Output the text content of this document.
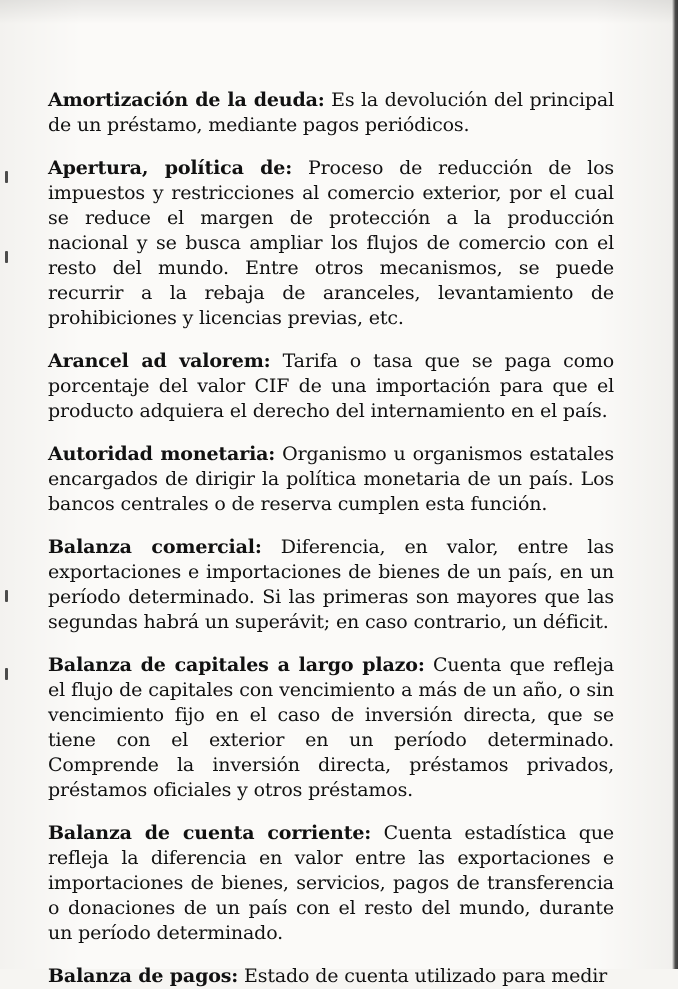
Amortización de la deuda: Es la devolución del principal de un préstamo, mediante pagos periódicos.

Apertura, política de: Proceso de reducción de los impuestos y restricciones al comercio exterior, por el cual se reduce el margen de protección a la producción nacional y se busca ampliar los flujos de comercio con el resto del mundo. Entre otros mecanismos, se puede recurrir a la rebaja de aranceles, levantamiento de prohibiciones y licencias previas, etc.

Arancel ad valorem: Tarifa o tasa que se paga como porcentaje del valor CIF de una importación para que el producto adquiera el derecho del internamiento en el país.

Autoridad monetaria: Organismo u organismos estatales encargados de dirigir la política monetaria de un país. Los bancos centrales o de reserva cumplen esta función.

Balanza comercial: Diferencia, en valor, entre las exportaciones e importaciones de bienes de un país, en un período determinado. Si las primeras son mayores que las segundas habrá un superávit; en caso contrario, un déficit.

Balanza de capitales a largo plazo: Cuenta que refleja el flujo de capitales con vencimiento a más de un año, o sin vencimiento fijo en el caso de inversión directa, que se tiene con el exterior en un período determinado. Comprende la inversión directa, préstamos privados, préstamos oficiales y otros préstamos.

Balanza de cuenta corriente: Cuenta estadística que refleja la diferencia en valor entre las exportaciones e importaciones de bienes, servicios, pagos de transferencia o donaciones de un país con el resto del mundo, durante un período determinado.

Balanza de pagos: Estado de cuenta utilizado para medir
